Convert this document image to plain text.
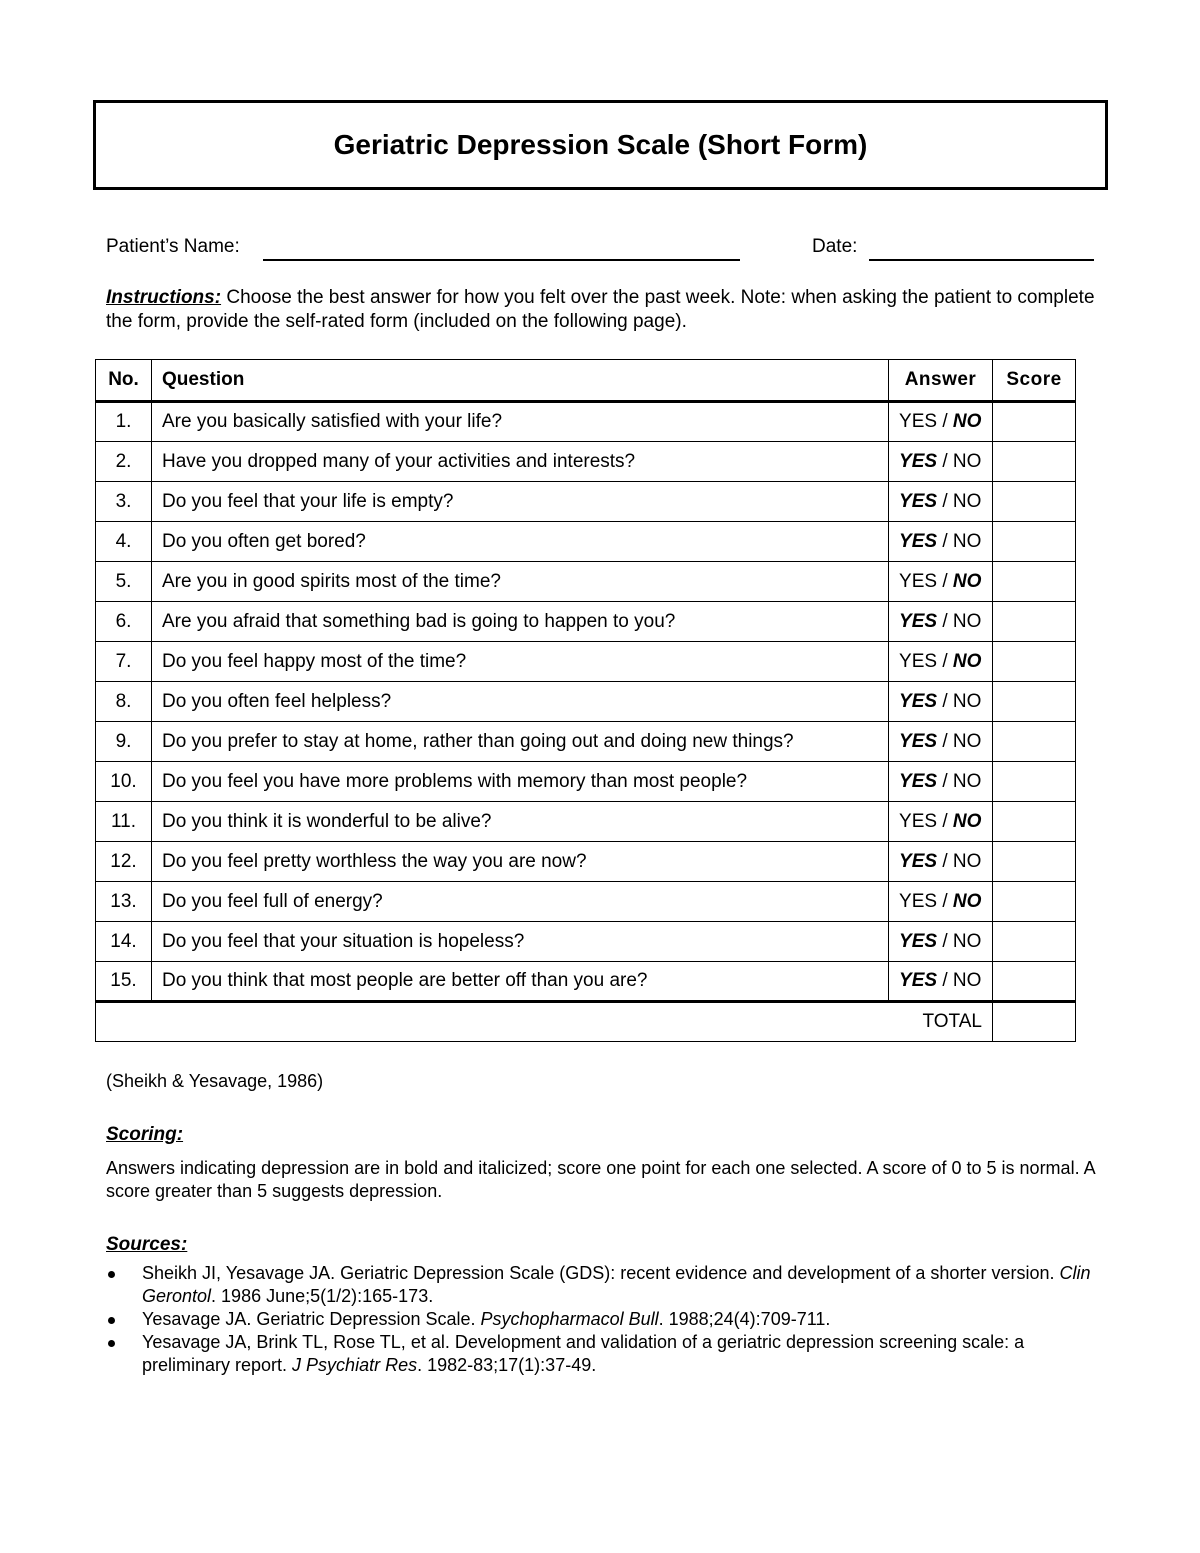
Geriatric Depression Scale (Short Form)
Patient’s Name:	Date:
Instructions: Choose the best answer for how you felt over the past week. Note: when asking the patient to complete the form, provide the self-rated form (included on the following page).
No.	Question	Answer	Score
1.	Are you basically satisfied with your life?	YES / NO	
2.	Have you dropped many of your activities and interests?	YES / NO	
3.	Do you feel that your life is empty?	YES / NO	
4.	Do you often get bored?	YES / NO	
5.	Are you in good spirits most of the time?	YES / NO	
6.	Are you afraid that something bad is going to happen to you?	YES / NO	
7.	Do you feel happy most of the time?	YES / NO	
8.	Do you often feel helpless?	YES / NO	
9.	Do you prefer to stay at home, rather than going out and doing new things?	YES / NO	
10.	Do you feel you have more problems with memory than most people?	YES / NO	
11.	Do you think it is wonderful to be alive?	YES / NO	
12.	Do you feel pretty worthless the way you are now?	YES / NO	
13.	Do you feel full of energy?	YES / NO	
14.	Do you feel that your situation is hopeless?	YES / NO	
15.	Do you think that most people are better off than you are?	YES / NO	
TOTAL			
(Sheikh & Yesavage, 1986)
Scoring:
Answers indicating depression are in bold and italicized; score one point for each one selected. A score of 0 to 5 is normal. A score greater than 5 suggests depression.
Sources:
Sheikh JI, Yesavage JA. Geriatric Depression Scale (GDS): recent evidence and development of a shorter version. Clin Gerontol. 1986 June;5(1/2):165-173.
Yesavage JA. Geriatric Depression Scale. Psychopharmacol Bull. 1988;24(4):709-711.
Yesavage JA, Brink TL, Rose TL, et al. Development and validation of a geriatric depression screening scale: a preliminary report. J Psychiatr Res. 1982-83;17(1):37-49.
